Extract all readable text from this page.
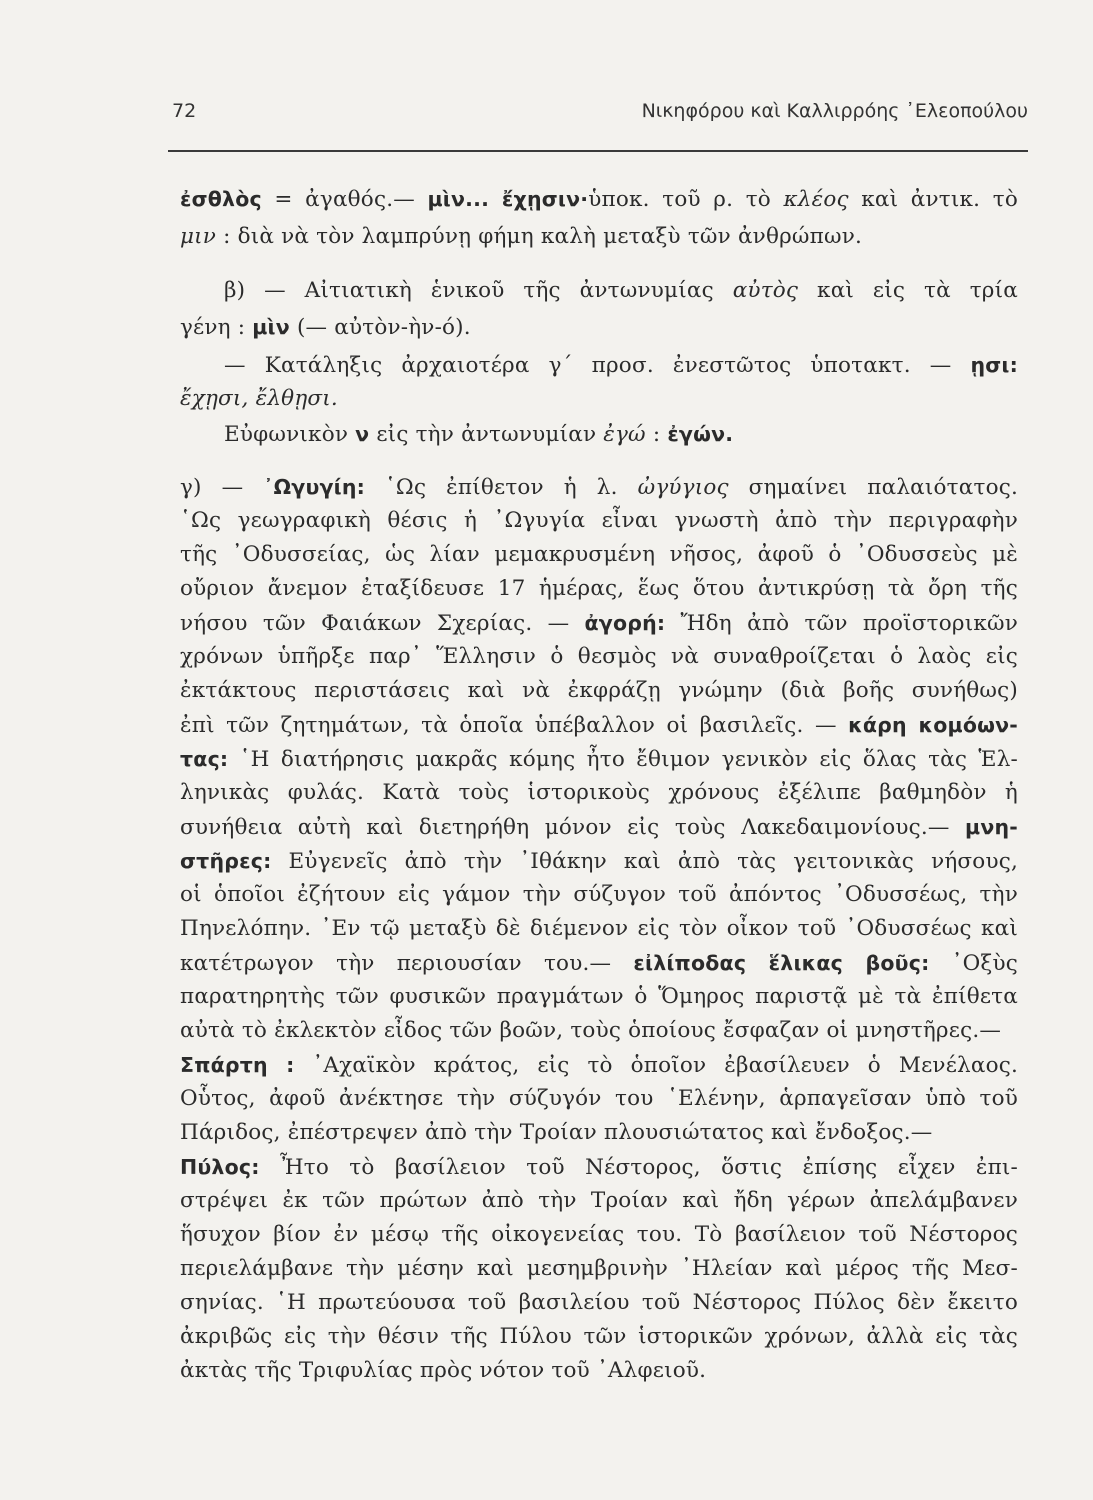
72	Νικηφόρου καὶ Καλλιρρόης ᾿Ελεοπούλου
ἐσθλὸς = ἀγαθός.— μὶν... ἔχῃσιν·ὑποκ. τοῦ ρ. τὸ κλέος καὶ ἀντικ. τὸ
μιν : διὰ νὰ τὸν λαμπρύνῃ φήμη καλὴ μεταξὺ τῶν ἀνθρώπων.
β) — Αἰτιατικὴ ἑνικοῦ τῆς ἀντωνυμίας αὐτὸς καὶ εἰς τὰ τρία
γένη : μὶν (— αὐτὸν-ὴν-ό).
— Κατάληξις ἀρχαιοτέρα γ΄ προσ. ἐνεστῶτος ὑποτακτ. — ῃσι:
ἔχῃσι, ἔλθῃσι.
Εὐφωνικὸν ν εἰς τὴν ἀντωνυμίαν ἐγώ : ἐγών.
γ) — ᾿Ωγυγίη: ῾Ως ἐπίθετον ἡ λ. ὠγύγιος σημαίνει παλαιότατος.
῾Ως γεωγραφικὴ θέσις ἡ ᾿Ωγυγία εἶναι γνωστὴ ἀπὸ τὴν περιγραφὴν
τῆς ᾿Οδυσσείας, ὡς λίαν μεμακρυσμένη νῆσος, ἀφοῦ ὁ ᾿Οδυσσεὺς μὲ
οὔριον ἄνεμον ἐταξίδευσε 17 ἡμέρας, ἕως ὅτου ἀντικρύσῃ τὰ ὄρη τῆς
νήσου τῶν Φαιάκων Σχερίας. — ἀγορή: Ἤδη ἀπὸ τῶν προϊστορικῶν
χρόνων ὑπῆρξε παρ᾿ Ἕλλησιν ὁ θεσμὸς νὰ συναθροίζεται ὁ λαὸς εἰς
ἐκτάκτους περιστάσεις καὶ νὰ ἐκφράζῃ γνώμην (διὰ βοῆς συνήθως)
ἐπὶ τῶν ζητημάτων, τὰ ὁποῖα ὑπέβαλλον οἱ βασιλεῖς. — κάρη κομόων-
τας: ῾Η διατήρησις μακρᾶς κόμης ἦτο ἔθιμον γενικὸν εἰς ὅλας τὰς Ἑλ-
ληνικὰς φυλάς. Κατὰ τοὺς ἱστορικοὺς χρόνους ἐξέλιπε βαθμηδὸν ἡ
συνήθεια αὐτὴ καὶ διετηρήθη μόνον εἰς τοὺς Λακεδαιμονίους.— μνη-
στῆρες: Εὐγενεῖς ἀπὸ τὴν ᾿Ιθάκην καὶ ἀπὸ τὰς γειτονικὰς νήσους,
οἱ ὁποῖοι ἐζήτουν εἰς γάμον τὴν σύζυγον τοῦ ἀπόντος ᾿Οδυσσέως, τὴν
Πηνελόπην. ᾿Εν τῷ μεταξὺ δὲ διέμενον εἰς τὸν οἶκον τοῦ ᾿Οδυσσέως καὶ
κατέτρωγον τὴν περιουσίαν του.— εἰλίποδας ἕλικας βοῦς: ᾿Οξὺς
παρατηρητὴς τῶν φυσικῶν πραγμάτων ὁ Ὅμηρος παριστᾷ μὲ τὰ ἐπίθετα
αὐτὰ τὸ ἐκλεκτὸν εἶδος τῶν βοῶν, τοὺς ὁποίους ἔσφαζαν οἱ μνηστῆρες.—
Σπάρτη : ᾿Αχαϊκὸν κράτος, εἰς τὸ ὁποῖον ἐβασίλευεν ὁ Μενέλαος.
Οὗτος, ἀφοῦ ἀνέκτησε τὴν σύζυγόν του ῾Ελένην, ἁρπαγεῖσαν ὑπὸ τοῦ
Πάριδος, ἐπέστρεψεν ἀπὸ τὴν Τροίαν πλουσιώτατος καὶ ἔνδοξος.—
Πύλος: Ἦτο τὸ βασίλειον τοῦ Νέστορος, ὅστις ἐπίσης εἶχεν ἐπι-
στρέψει ἐκ τῶν πρώτων ἀπὸ τὴν Τροίαν καὶ ἤδη γέρων ἀπελάμβανεν
ἥσυχον βίον ἐν μέσῳ τῆς οἰκογενείας του. Τὸ βασίλειον τοῦ Νέστορος
περιελάμβανε τὴν μέσην καὶ μεσημβρινὴν ᾿Ηλείαν καὶ μέρος τῆς Μεσ-
σηνίας. ῾Η πρωτεύουσα τοῦ βασιλείου τοῦ Νέστορος Πύλος δὲν ἔκειτο
ἀκριβῶς εἰς τὴν θέσιν τῆς Πύλου τῶν ἱστορικῶν χρόνων, ἀλλὰ εἰς τὰς
ἀκτὰς τῆς Τριφυλίας πρὸς νότον τοῦ ᾿Αλφειοῦ.
